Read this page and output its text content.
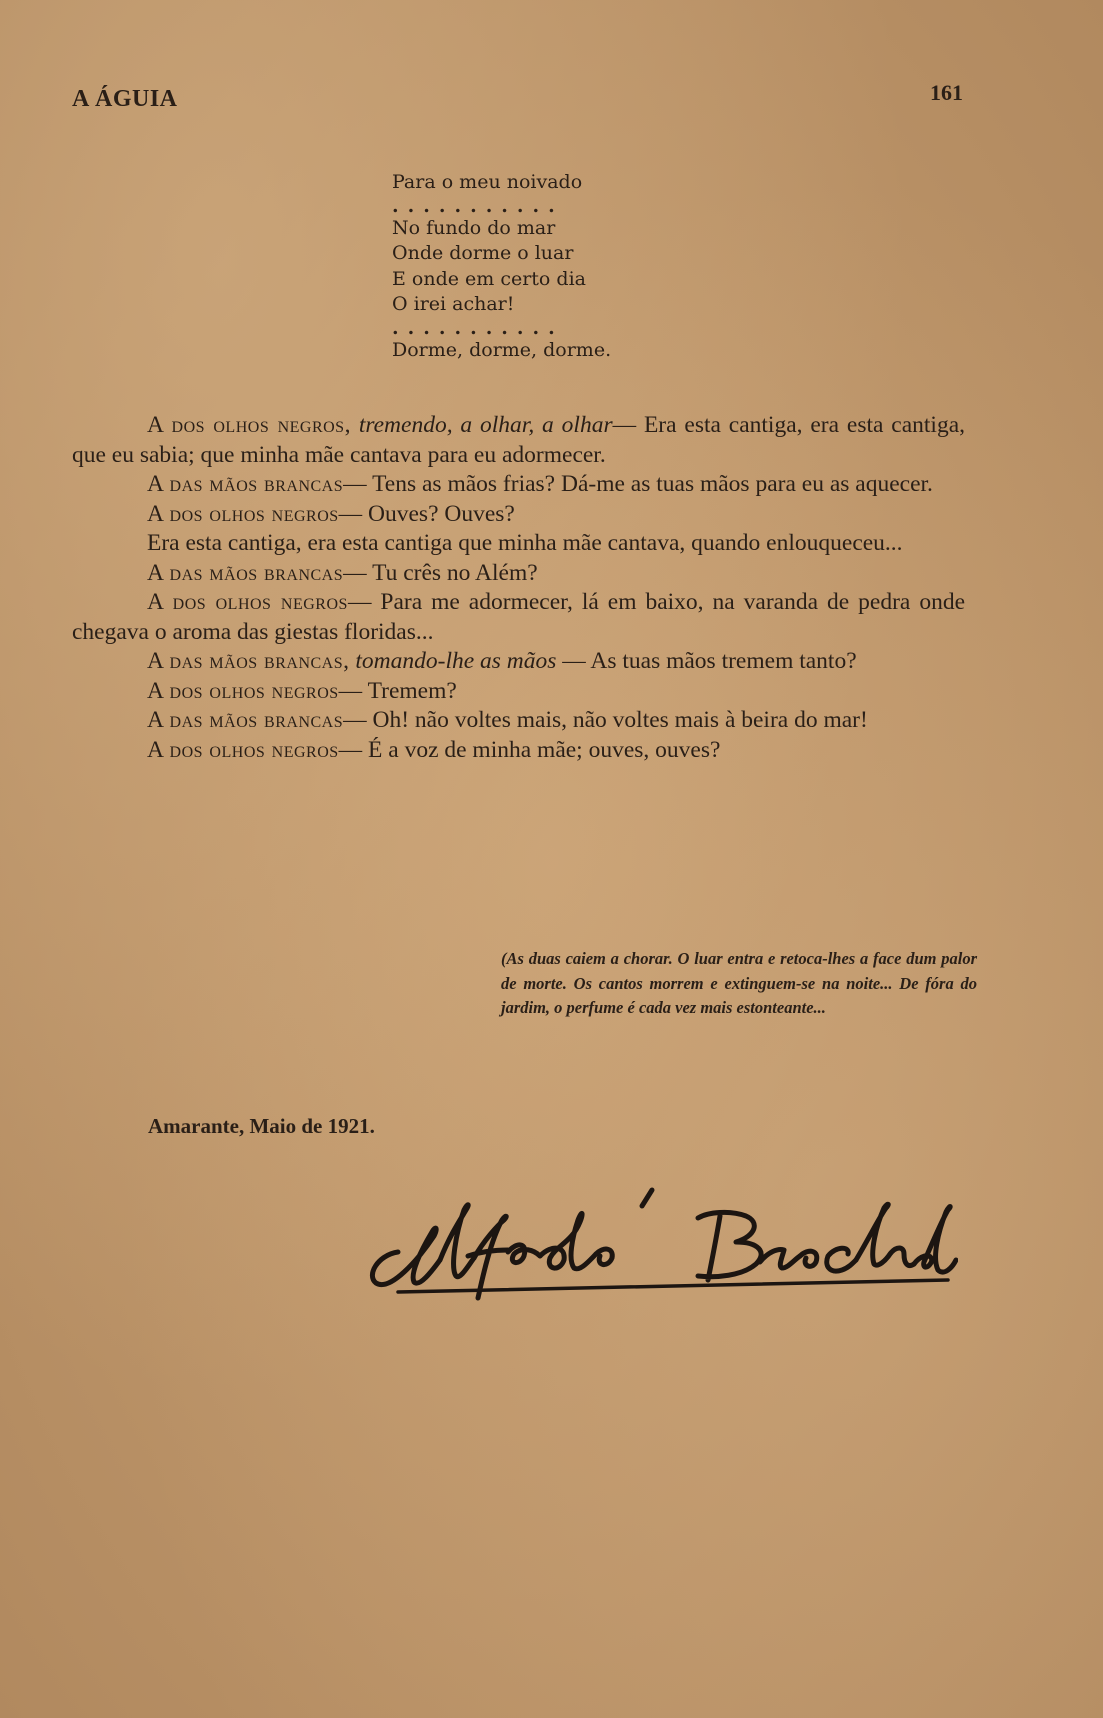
A ÁGUIA	161
Para o meu noivado
...........
No fundo do mar
Onde dorme o luar
E onde em certo dia
O irei achar!
...........
Dorme, dorme, dorme.

A dos olhos negros, tremendo, a olhar, a olhar— Era esta cantiga, era esta cantiga, que eu sabia; que minha mãe cantava para eu adormecer.

A das mãos brancas— Tens as mãos frias? Dá-me as tuas mãos para eu as aquecer.

A dos olhos negros— Ouves? Ouves?

Era esta cantiga, era esta cantiga que minha mãe cantava, quando enlouqueceu...

A das mãos brancas— Tu crês no Além?

A dos olhos negros— Para me adormecer, lá em baixo, na varanda de pedra onde chegava o aroma das giestas floridas...

A das mãos brancas, tomando-lhe as mãos — As tuas mãos tremem tanto?

A dos olhos negros— Tremem?

A das mãos brancas— Oh! não voltes mais, não voltes mais à beira do mar!

A dos olhos negros— É a voz de minha mãe; ouves, ouves?

(As duas caiem a chorar. O luar entra e retoca-lhes a face dum palor de morte. Os cantos morrem e extinguem-se na noite... De fóra do jardim, o perfume é cada vez mais estonteante...
Amarante, Maio de 1921.
